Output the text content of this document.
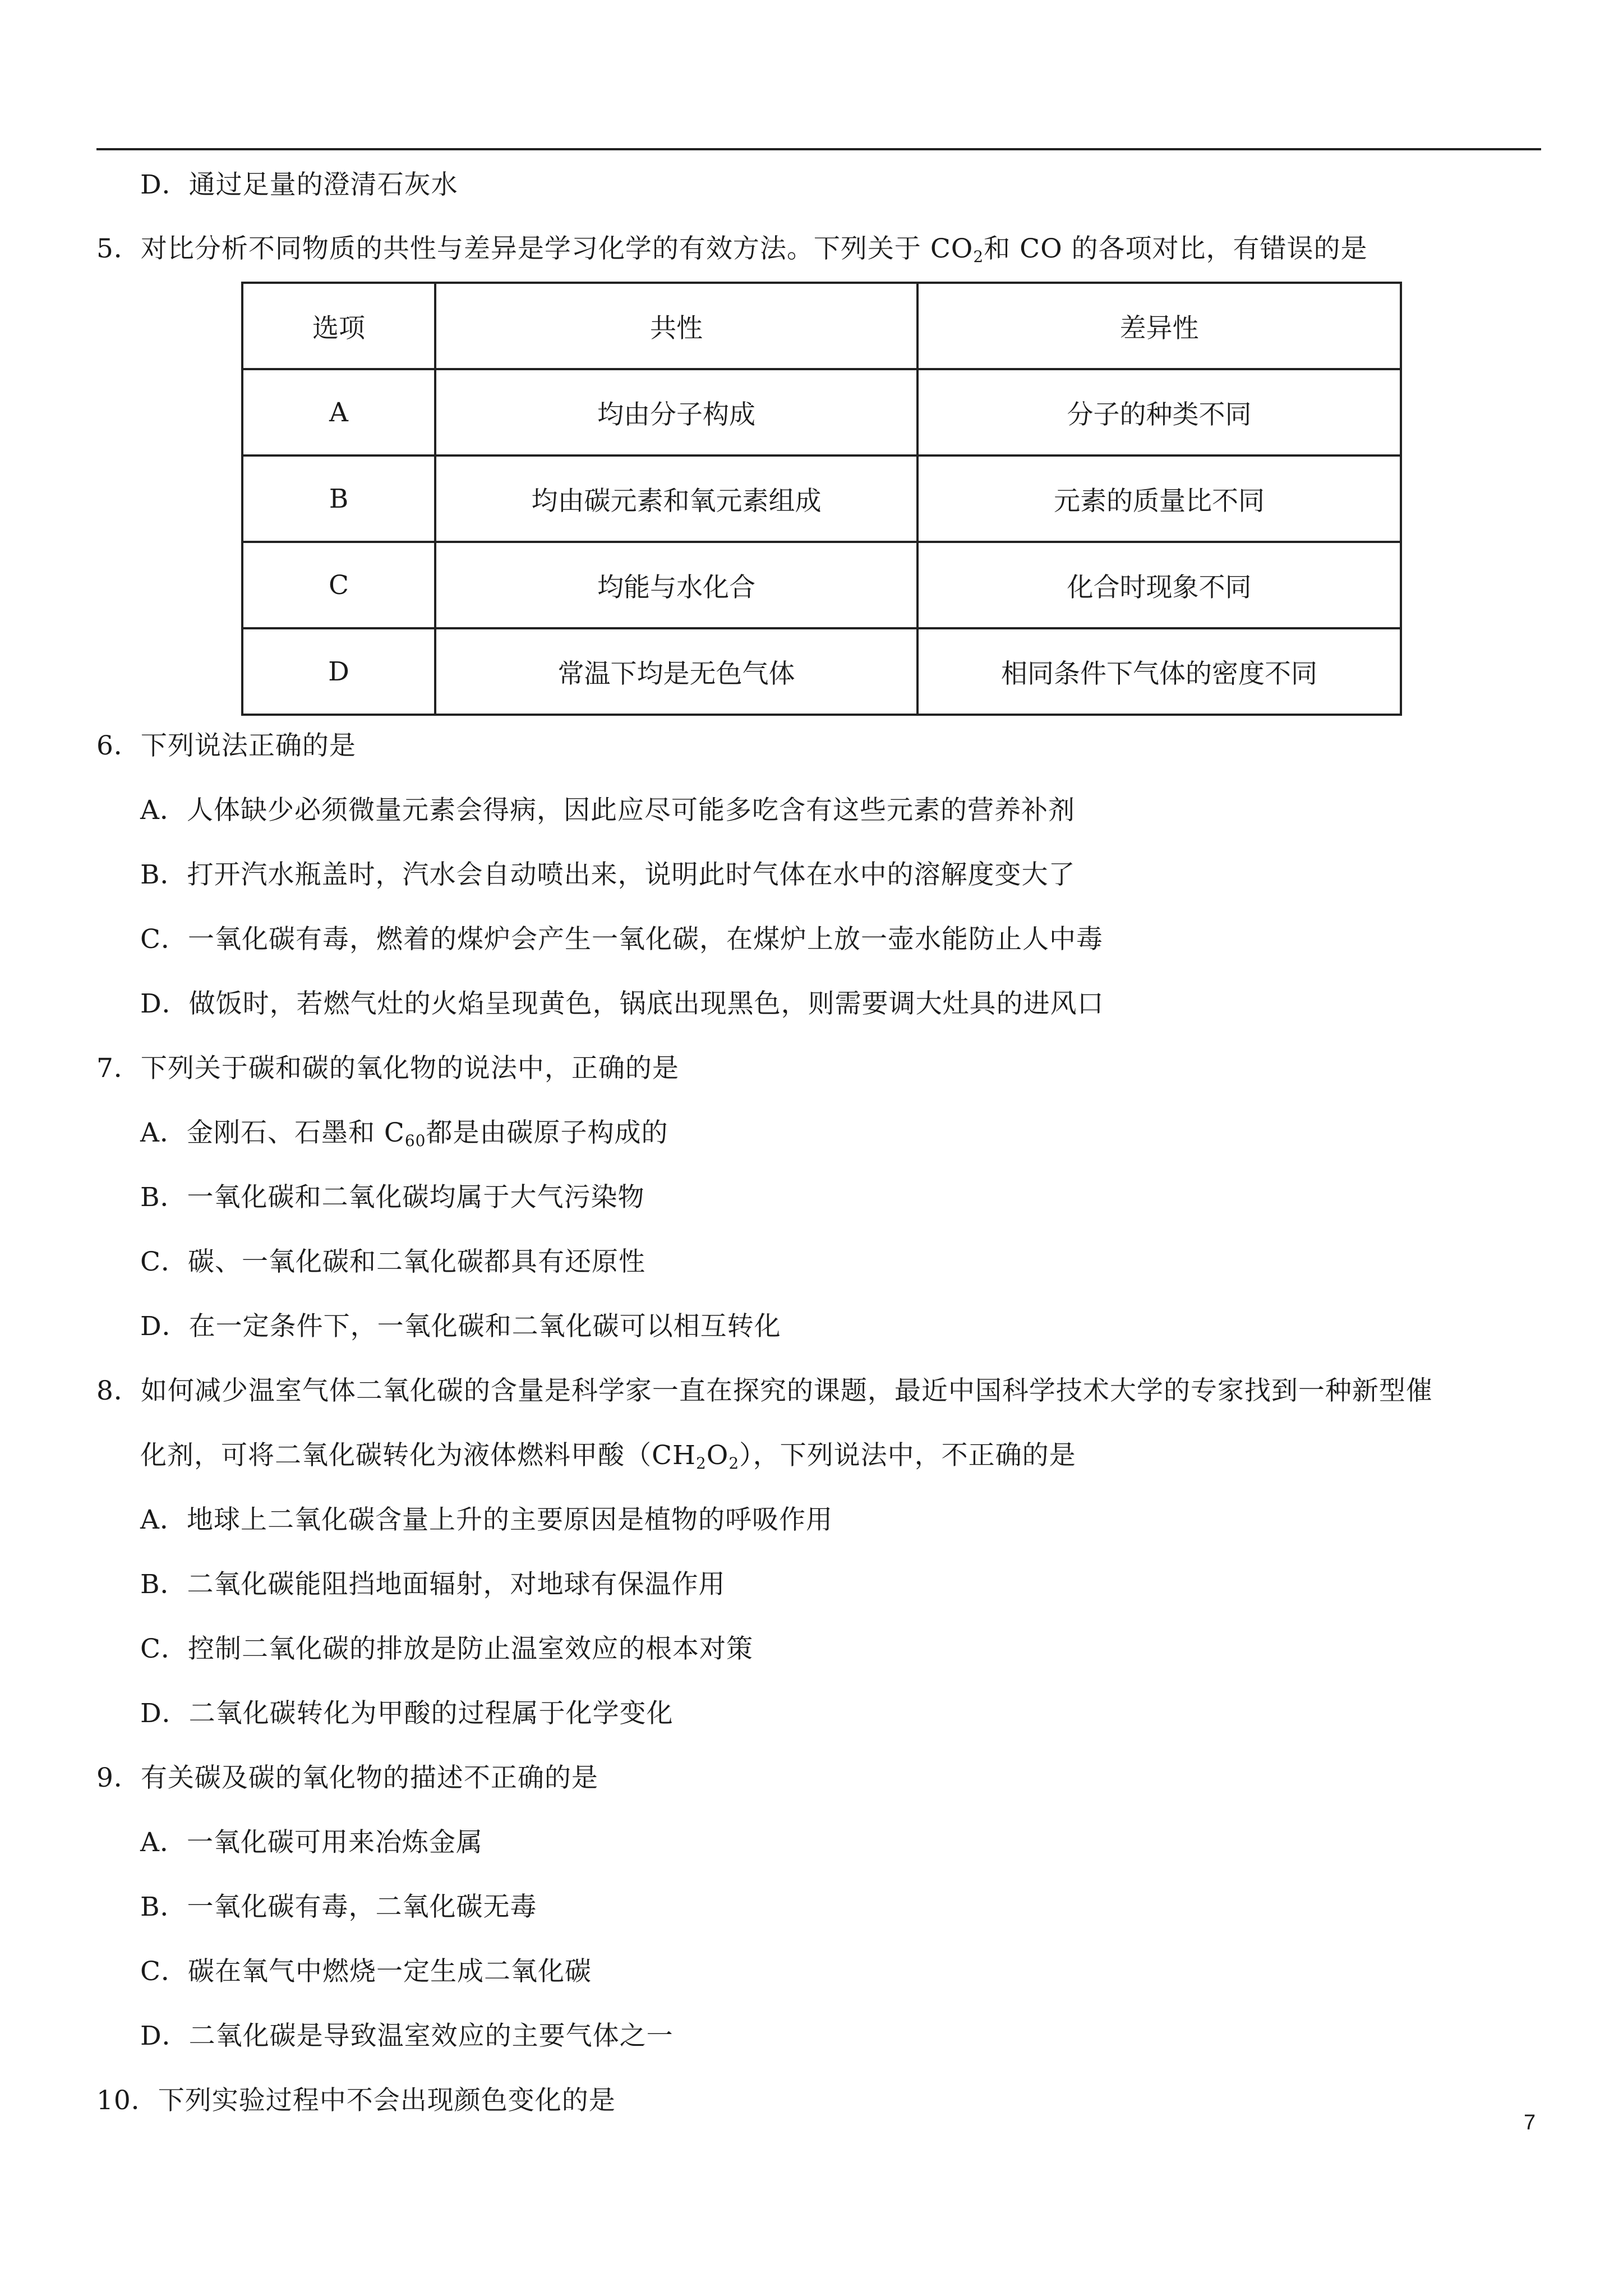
D．通过足量的澄清石灰水
5．对比分析不同物质的共性与差异是学习化学的有效方法。下列关于 $CO_2$和 CO 的各项对比，有错误的是
选项	共性	差异性
A	均由分子构成	分子的种类不同
B	均由碳元素和氧元素组成	元素的质量比不同
C	均能与水化合	化合时现象不同
D	常温下均是无色气体	相同条件下气体的密度不同
6．下列说法正确的是
A．人体缺少必须微量元素会得病，因此应尽可能多吃含有这些元素的营养补剂
B．打开汽水瓶盖时，汽水会自动喷出来，说明此时气体在水中的溶解度变大了
C．一氧化碳有毒，燃着的煤炉会产生一氧化碳，在煤炉上放一壶水能防止人中毒
D．做饭时，若燃气灶的火焰呈现黄色，锅底出现黑色，则需要调大灶具的进风口
7．下列关于碳和碳的氧化物的说法中，正确的是
A．金刚石、石墨和 $C_{60}$都是由碳原子构成的
B．一氧化碳和二氧化碳均属于大气污染物
C．碳、一氧化碳和二氧化碳都具有还原性
D．在一定条件下，一氧化碳和二氧化碳可以相互转化
8．如何减少温室气体二氧化碳的含量是科学家一直在探究的课题，最近中国科学技术大学的专家找到一种新型催
化剂，可将二氧化碳转化为液体燃料甲酸$(CH_2O_2)$，下列说法中，不正确的是
A．地球上二氧化碳含量上升的主要原因是植物的呼吸作用
B．二氧化碳能阻挡地面辐射，对地球有保温作用
C．控制二氧化碳的排放是防止温室效应的根本对策
D．二氧化碳转化为甲酸的过程属于化学变化
9．有关碳及碳的氧化物的描述不正确的是
A．一氧化碳可用来冶炼金属
B．一氧化碳有毒，二氧化碳无毒
C．碳在氧气中燃烧一定生成二氧化碳
D．二氧化碳是导致温室效应的主要气体之一
10．下列实验过程中不会出现颜色变化的是
7
